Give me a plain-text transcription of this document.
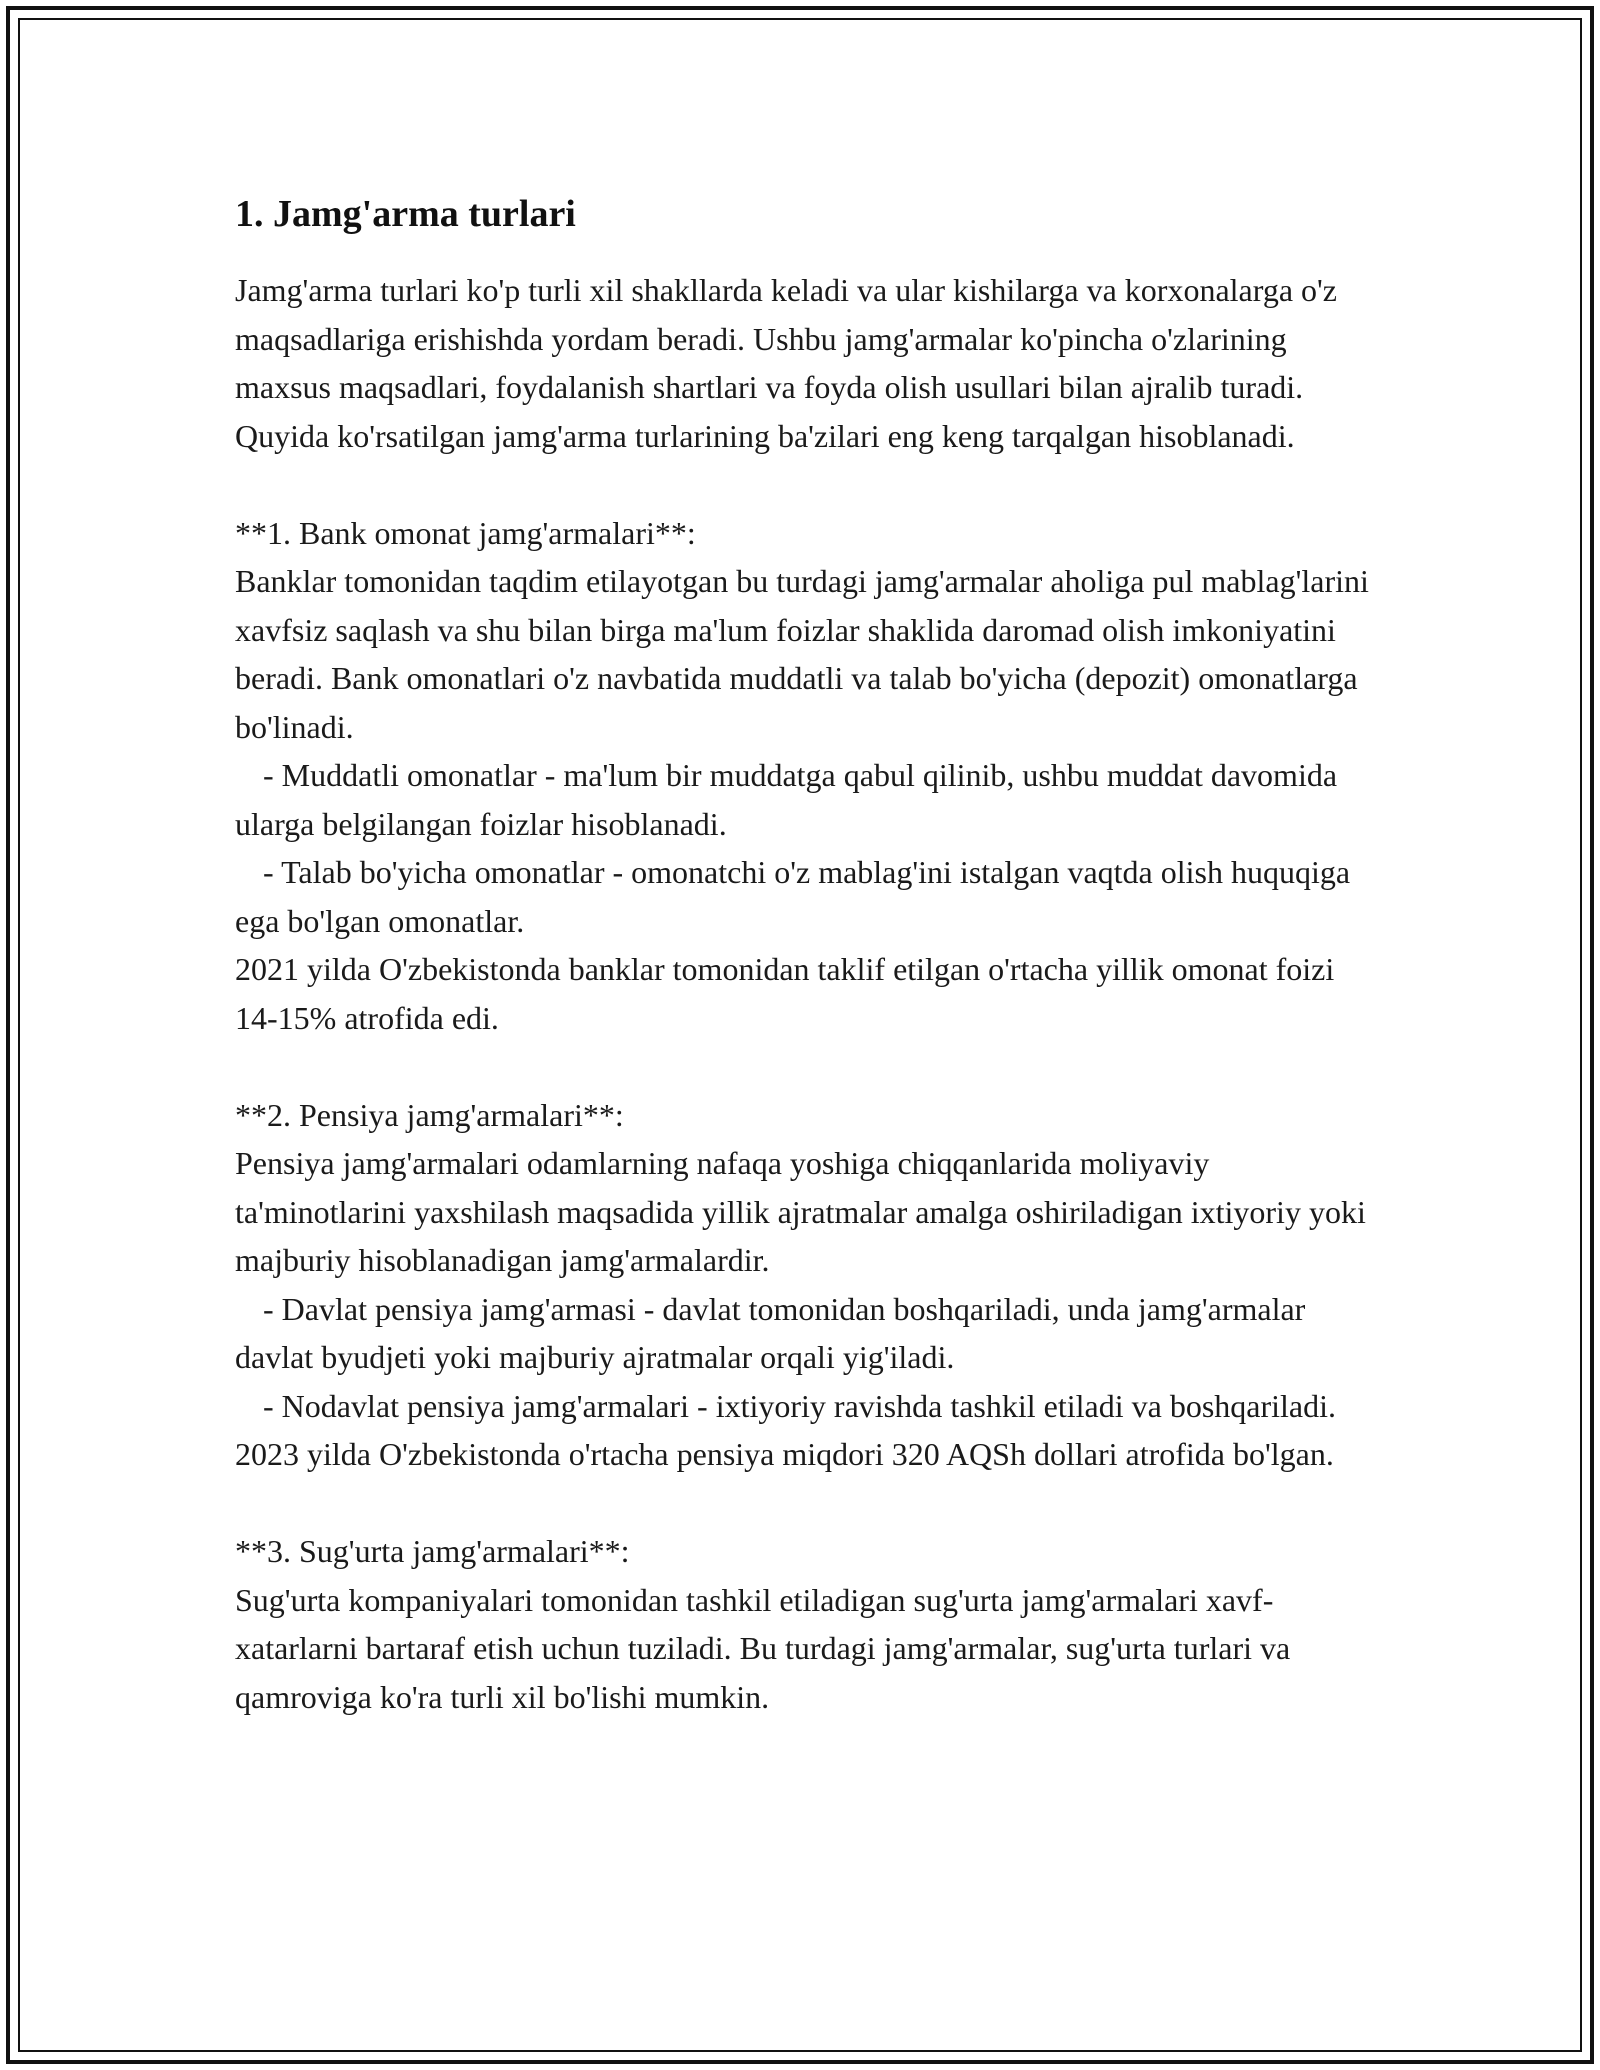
1. Jamg'arma turlari

Jamg'arma turlari ko'p turli xil shakllarda keladi va ular kishilarga va korxonalarga o'z maqsadlariga erishishda yordam beradi. Ushbu jamg'armalar ko'pincha o'zlarining maxsus maqsadlari, foydalanish shartlari va foyda olish usullari bilan ajralib turadi. Quyida ko'rsatilgan jamg'arma turlarining ba'zilari eng keng tarqalgan hisoblanadi.

**1. Bank omonat jamg'armalari**:

Banklar tomonidan taqdim etilayotgan bu turdagi jamg'armalar aholiga pul mablag'larini xavfsiz saqlash va shu bilan birga ma'lum foizlar shaklida daromad olish imkoniyatini beradi. Bank omonatlari o'z navbatida muddatli va talab bo'yicha (depozit) omonatlarga bo'linadi.

- Muddatli omonatlar - ma'lum bir muddatga qabul qilinib, ushbu muddat davomida ularga belgilangan foizlar hisoblanadi.

- Talab bo'yicha omonatlar - omonatchi o'z mablag'ini istalgan vaqtda olish huquqiga ega bo'lgan omonatlar.

2021 yilda O'zbekistonda banklar tomonidan taklif etilgan o'rtacha yillik omonat foizi 14-15% atrofida edi.

**2. Pensiya jamg'armalari**:

Pensiya jamg'armalari odamlarning nafaqa yoshiga chiqqanlarida moliyaviy ta'minotlarini yaxshilash maqsadida yillik ajratmalar amalga oshiriladigan ixtiyoriy yoki majburiy hisoblanadigan jamg'armalardir.

- Davlat pensiya jamg'armasi - davlat tomonidan boshqariladi, unda jamg'armalar davlat byudjeti yoki majburiy ajratmalar orqali yig'iladi.

- Nodavlat pensiya jamg'armalari - ixtiyoriy ravishda tashkil etiladi va boshqariladi.

2023 yilda O'zbekistonda o'rtacha pensiya miqdori 320 AQSh dollari atrofida bo'lgan.

**3. Sug'urta jamg'armalari**:

Sug'urta kompaniyalari tomonidan tashkil etiladigan sug'urta jamg'armalari xavf-xatarlarni bartaraf etish uchun tuziladi. Bu turdagi jamg'armalar, sug'urta turlari va qamroviga ko'ra turli xil bo'lishi mumkin.
